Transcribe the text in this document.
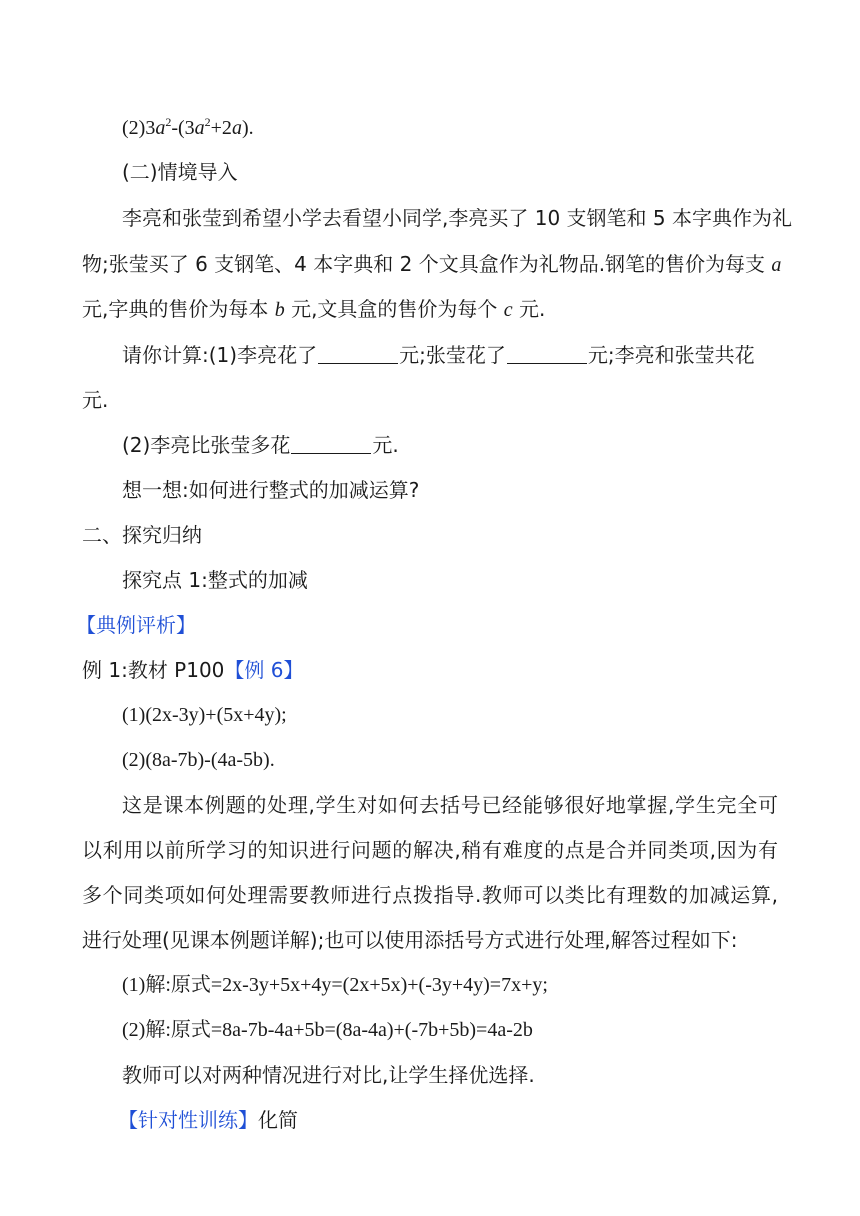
$(2)3a^2-(3a^2+2a)$.
(二)情境导入
李亮和张莹到希望小学去看望小同学,李亮买了 10 支钢笔和 5 本字典作为礼
物;张莹买了 6 支钢笔、4 本字典和 2 个文具盒作为礼物品.钢笔的售价为每支 a
元,字典的售价为每本 b 元,文具盒的售价为每个 c 元.
请你计算:(1)李亮花了	元;张莹花了	元;李亮和张莹共花
元.
(2)李亮比张莹多花	元.
想一想:如何进行整式的加减运算?
二、探究归纳
探究点 1:整式的加减
【典例评析】
例 1:教材 P100【例 6】
(1)(2x-3y)+(5x+4y);
(2)(8a-7b)-(4a-5b).
这是课本例题的处理,学生对如何去括号已经能够很好地掌握,学生完全可
以利用以前所学习的知识进行问题的解决,稍有难度的点是合并同类项,因为有
多个同类项如何处理需要教师进行点拨指导.教师可以类比有理数的加减运算,
进行处理(见课本例题详解);也可以使用添括号方式进行处理,解答过程如下:
(1)解:原式=2x-3y+5x+4y=(2x+5x)+(-3y+4y)=7x+y;
(2)解:原式=8a-7b-4a+5b=(8a-4a)+(-7b+5b)=4a-2b
教师可以对两种情况进行对比,让学生择优选择.
【针对性训练】化简
